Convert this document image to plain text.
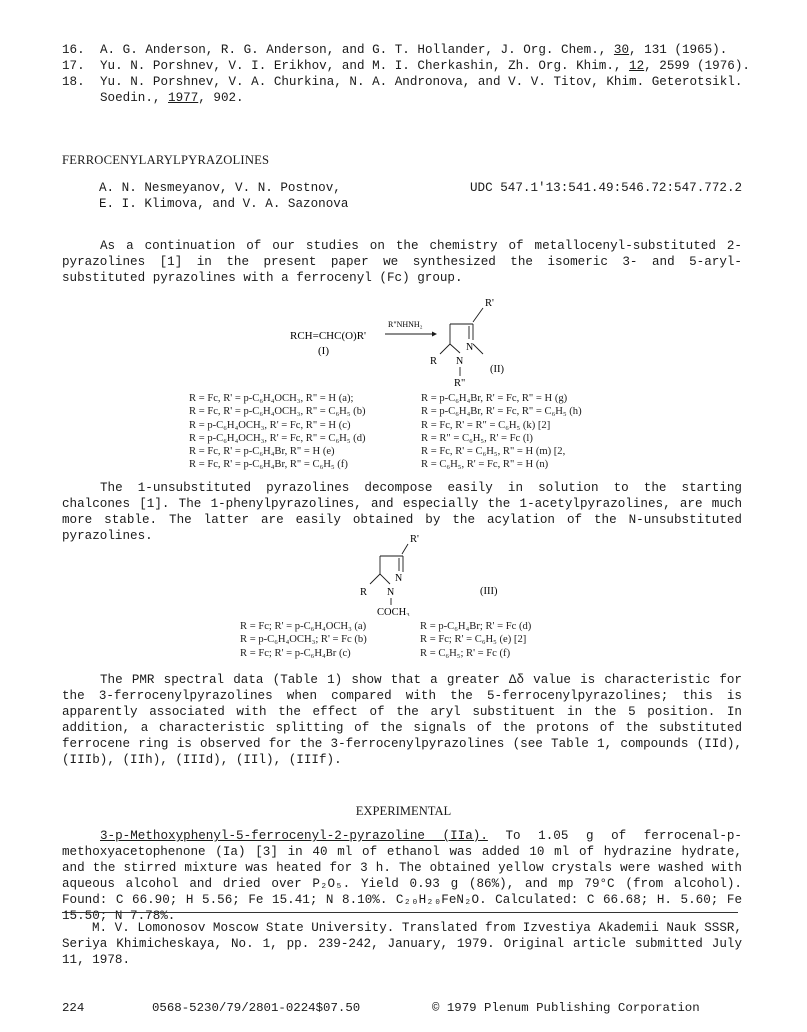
16.	A. G. Anderson, R. G. Anderson, and G. T. Hollander, J. Org. Chem., 30, 131 (1965).
17.	Yu. N. Porshnev, V. I. Erikhov, and M. I. Cherkashin, Zh. Org. Khim., 12, 2599 (1976).
18.	Yu. N. Porshnev, V. A. Churkina, N. A. Andronova, and V. V. Titov, Khim. Geterotsikl. Soedin., 1977, 902.
FERROCENYLARYLPYRAZOLINES
A. N. Nesmeyanov, V. N. Postnov,
E. I. Klimova, and V. A. Sazonova
UDC 547.1'13:541.49:546.72:547.772.2
As a continuation of our studies on the chemistry of metallocenyl-substituted 2-pyrazolines [1] in the present paper we synthesized the isomeric 3- and 5-aryl-substituted pyrazolines with a ferrocenyl (Fc) group.
RCH=CHC(O)R'
(I)
R"NHNH₂
R'
N
N
R
R"
(II)
R = Fc, R' = p-C₆H₄OCH₃, R" = H (a);
R = Fc, R' = p-C₆H₄OCH₃, R" = C₆H₅ (b)
R = p-C₆H₄OCH₃, R' = Fc, R" = H (c)
R = p-C₆H₄OCH₃, R' = Fc, R" = C₆H₅ (d)
R = Fc, R' = p-C₆H₄Br, R" = H (e)
R = Fc, R' = p-C₆H₄Br, R" = C₆H₅ (f)
R = p-C₆H₄Br, R' = Fc, R" = H (g)
R = p-C₆H₄Br, R' = Fc, R" = C₆H₅ (h)
R = Fc, R' = R" = C₆H₅ (k) [2]
R = R" = C₆H₅, R' = Fc (l)
R = Fc, R' = C₆H₅, R" = H (m) [2,
R = C₆H₅, R' = Fc, R" = H (n)
The 1-unsubstituted pyrazolines decompose easily in solution to the starting chalcones [1]. The 1-phenylpyrazolines, and especially the 1-acetylpyrazolines, are much more stable. The latter are easily obtained by the acylation of the N-unsubstituted pyrazolines.	R'
N
R N
COCH₃
(III)
R = Fc; R' = p-C₆H₄OCH₃ (a)
R = p-C₆H₄OCH₃; R' = Fc (b)
R = Fc; R' = p-C₆H₄Br (c)
R = p-C₆H₄Br; R' = Fc (d)
R = Fc; R' = C₆H₅ (e) [2]
R = C₆H₅; R' = Fc (f)
The PMR spectral data (Table 1) show that a greater Δδ value is characteristic for the 3-ferrocenylpyrazolines when compared with the 5-ferrocenylpyrazolines; this is apparently associated with the effect of the aryl substituent in the 5 position. In addition, a characteristic splitting of the signals of the protons of the substituted ferrocene ring is observed for the 3-ferrocenylpyrazolines (see Table 1, compounds (IId), (IIIb), (IIh), (IIId), (IIl), (IIIf).
EXPERIMENTAL
3-p-Methoxyphenyl-5-ferrocenyl-2-pyrazoline (IIa). To 1.05 g of ferrocenal-p-methoxyacetophenone (Ia) [3] in 40 ml of ethanol was added 10 ml of hydrazine hydrate, and the stirred mixture was heated for 3 h. The obtained yellow crystals were washed with aqueous alcohol and dried over P₂O₅. Yield 0.93 g (86%), and mp 79°C (from alcohol). Found: C 66.90; H 5.56; Fe 15.41; N 8.10%. C₂₀H₂₀FeN₂O. Calculated: C 66.68; H. 5.60; Fe 15.50; N 7.78%.
M. V. Lomonosov Moscow State University. Translated from Izvestiya Akademii Nauk SSSR, Seriya Khimicheskaya, No. 1, pp. 239-242, January, 1979. Original article submitted July 11, 1978.
224	0568-5230/79/2801-0224$07.50	© 1979 Plenum Publishing Corporation
